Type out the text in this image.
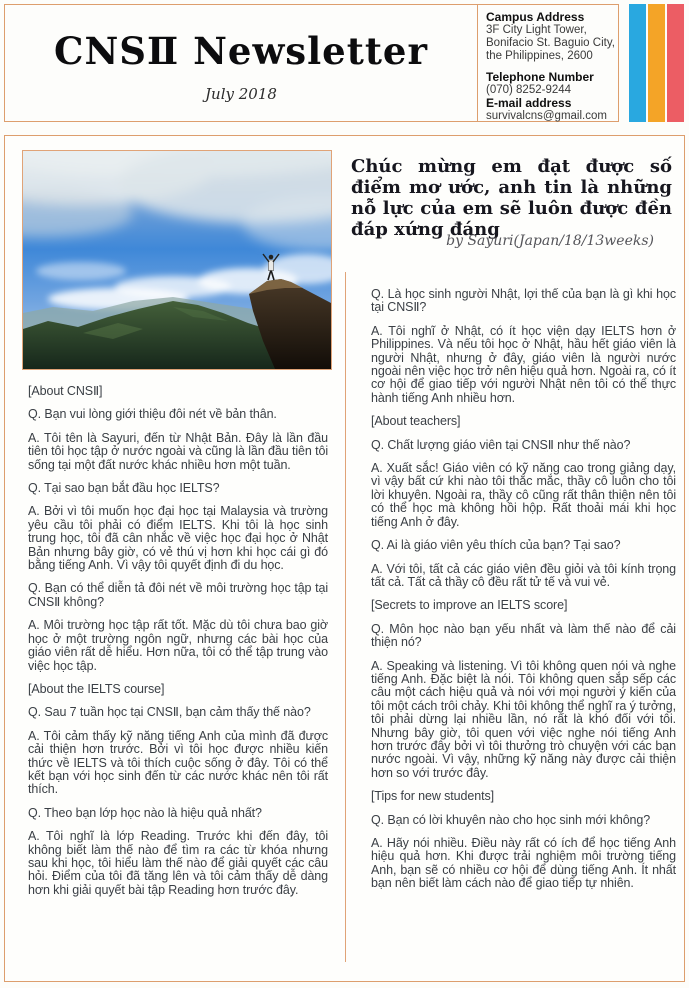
CNSⅡ Newsletter

July 2018

Campus Address
3F City Light Tower,
Bonifacio St. Baguio City,
the Philippines, 2600
Telephone Number
(070) 8252-9244
E-mail address
survivalcns@gmail.com

[About CNSⅡ]

Q. Bạn vui lòng giới thiệu đôi nét về bản thân.

A. Tôi tên là Sayuri, đến từ Nhật Bản. Đây là lần đầu tiên tôi học tập ở nước ngoài và cũng là lần đầu tiên tôi sống tại một đất nước khác nhiều hơn một tuần.

Q. Tại sao bạn bắt đầu học IELTS?

A. Bởi vì tôi muốn học đại học tại Malaysia và trường yêu cầu tôi phải có điểm IELTS. Khi tôi là học sinh trung học, tôi đã cân nhắc về việc học đại học ở Nhật Bản nhưng bây giờ, có vẻ thú vị hơn khi học cái gì đó bằng tiếng Anh. Vì vậy tôi quyết định đi du học.

Q. Bạn có thể diễn tả đôi nét về môi trường học tập tại CNSⅡ không?

A. Môi trường học tập rất tốt. Mặc dù tôi chưa bao giờ học ở một trường ngôn ngữ, nhưng các bài học của giáo viên rất dễ hiểu. Hơn nữa, tôi có thể tập trung vào việc học tập.

[About the IELTS course]

Q. Sau 7 tuần học tại CNSⅡ, bạn cảm thấy thế nào?

A. Tôi cảm thấy kỹ năng tiếng Anh của mình đã được cải thiện hơn trước. Bởi vì tôi học được nhiều kiến thức về IELTS và tôi thích cuộc sống ở đây. Tôi có thể kết bạn với học sinh đến từ các nước khác nên tôi rất thích.

Q. Theo bạn lớp học nào là hiệu quả nhất?

A. Tôi nghĩ là lớp Reading. Trước khi đến đây, tôi không biết làm thế nào để tìm ra các từ khóa nhưng sau khi học, tôi hiểu làm thế nào để giải quyết các câu hỏi. Điểm của tôi đã tăng lên và tôi cảm thấy dễ dàng hơn khi giải quyết bài tập Reading hơn trước đây.

Chúc mừng em đạt được số điểm mơ ước, anh tin là những nỗ lực của em sẽ luôn được đền đáp xứng đáng

by Sayuri(Japan/18/13weeks)

Q. Là học sinh người Nhật, lợi thế của bạn là gì khi học tại CNSⅡ?

A. Tôi nghĩ ở Nhật, có ít học viện dạy IELTS hơn ở Philippines. Và nếu tôi học ở Nhật, hầu hết giáo viên là người Nhật, nhưng ở đây, giáo viên là người nước ngoài nên việc học trở nên hiệu quả hơn. Ngoài ra, có ít cơ hội để giao tiếp với người Nhật nên tôi có thể thực hành tiếng Anh nhiều hơn.

[About teachers]

Q. Chất lượng giáo viên tại CNSⅡ như thế nào?

A. Xuất sắc! Giáo viên có kỹ năng cao trong giảng dạy, vì vậy bất cứ khi nào tôi thắc mắc, thầy cô luôn cho tôi lời khuyên. Ngoài ra, thầy cô cũng rất thân thiện nên tôi có thể học mà không hồi hộp. Rất thoải mái khi học tiếng Anh ở đây.

Q. Ai là giáo viên yêu thích của bạn? Tại sao?

A. Với tôi, tất cả các giáo viên đều giỏi và tôi kính trọng tất cả. Tất cả thầy cô đều rất tử tế và vui vẻ.

[Secrets to improve an IELTS score]

Q. Môn học nào bạn yếu nhất và làm thế nào để cải thiện nó?

A. Speaking và listening. Vì tôi không quen nói và nghe tiếng Anh. Đặc biệt là nói. Tôi không quen sắp sếp các câu một cách hiệu quả và nói với mọi người ý kiến của tôi một cách trôi chảy. Khi tôi không thể nghĩ ra ý tưởng, tôi phải dừng lại nhiều lần, nó rất là khó đối với tôi. Nhưng bây giờ, tôi quen với việc nghe nói tiếng Anh hơn trước đây bởi vì tôi thưởng trò chuyện với các bạn nước ngoài. Vì vậy, những kỹ năng này được cải thiện hơn so với trước đây.

[Tips for new students]

Q. Bạn có lời khuyên nào cho học sinh mới không?

A. Hãy nói nhiều. Điều này rất có ích để học tiếng Anh hiệu quả hơn. Khi được trải nghiệm môi trường tiếng Anh, bạn sẽ có nhiều cơ hội để dùng tiếng Anh. Ít nhất bạn nên biết làm cách nào để giao tiếp tự nhiên.
